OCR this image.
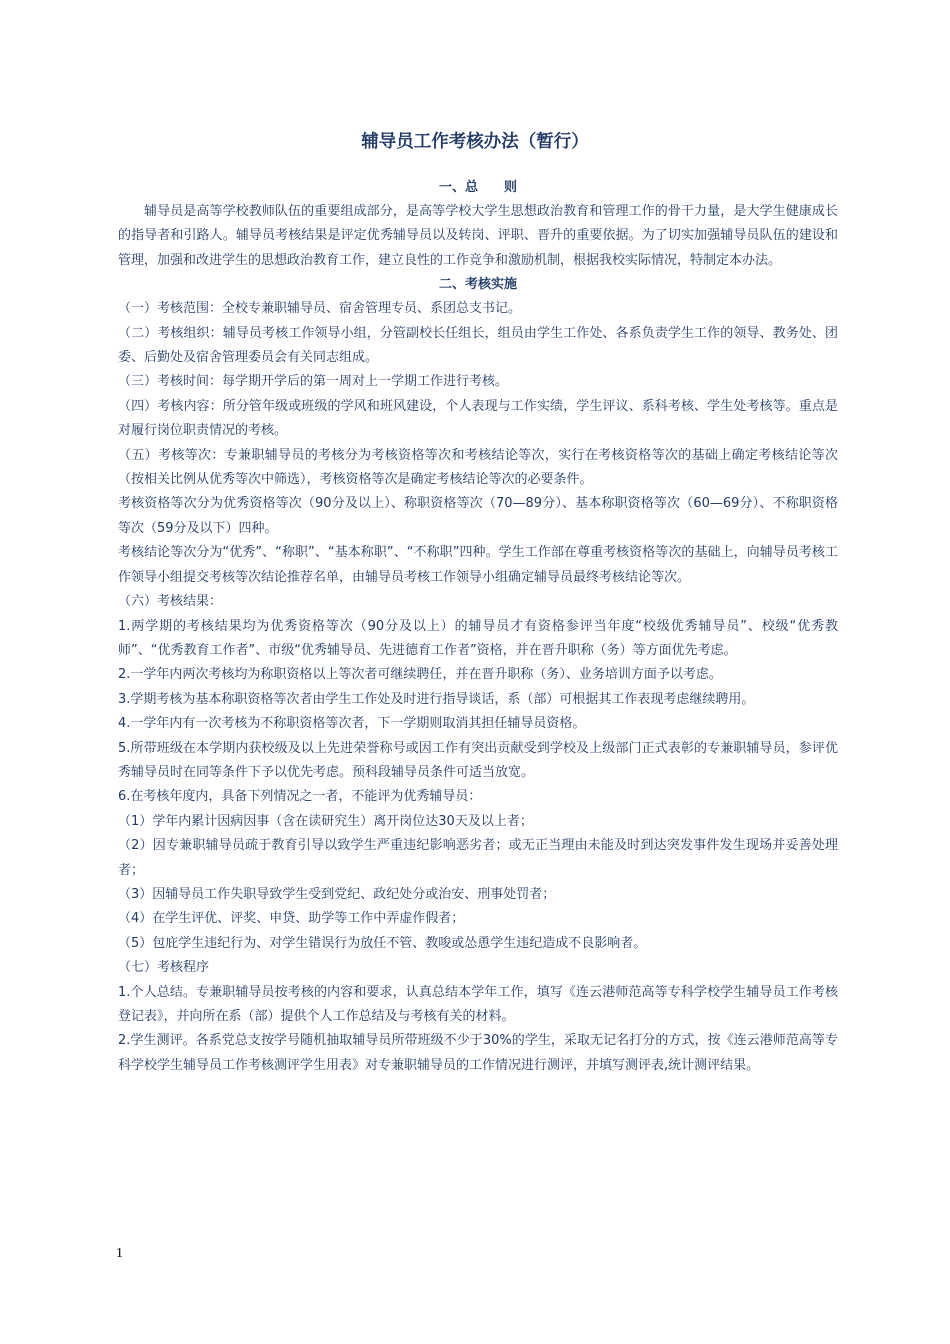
辅导员工作考核办法（暂行）
一、总　　则

辅导员是高等学校教师队伍的重要组成部分，是高等学校大学生思想政治教育和管理工作的骨干力量，是大学生健康成长的指导者和引路人。辅导员考核结果是评定优秀辅导员以及转岗、评职、晋升的重要依据。为了切实加强辅导员队伍的建设和管理，加强和改进学生的思想政治教育工作，建立良性的工作竞争和激励机制，根据我校实际情况，特制定本办法。

二、考核实施

（一）考核范围：全校专兼职辅导员、宿舍管理专员、系团总支书记。

（二）考核组织：辅导员考核工作领导小组，分管副校长任组长，组员由学生工作处、各系负责学生工作的领导、教务处、团委、后勤处及宿舍管理委员会有关同志组成。

（三）考核时间：每学期开学后的第一周对上一学期工作进行考核。

（四）考核内容：所分管年级或班级的学风和班风建设，个人表现与工作实绩，学生评议、系科考核、学生处考核等。重点是对履行岗位职责情况的考核。

（五）考核等次：专兼职辅导员的考核分为考核资格等次和考核结论等次，实行在考核资格等次的基础上确定考核结论等次（按相关比例从优秀等次中筛选），考核资格等次是确定考核结论等次的必要条件。

考核资格等次分为优秀资格等次（90分及以上）、称职资格等次（70—89分）、基本称职资格等次（60—69分）、不称职资格等次（59分及以下）四种。

考核结论等次分为“优秀”、“称职”、“基本称职”、“不称职”四种。学生工作部在尊重考核资格等次的基础上，向辅导员考核工作领导小组提交考核等次结论推荐名单，由辅导员考核工作领导小组确定辅导员最终考核结论等次。

（六）考核结果：

1.两学期的考核结果均为优秀资格等次（90分及以上）的辅导员才有资格参评当年度“校级优秀辅导员”、校级“优秀教师”、“优秀教育工作者”、市级“优秀辅导员、先进德育工作者”资格，并在晋升职称（务）等方面优先考虑。

2.一学年内两次考核均为称职资格以上等次者可继续聘任，并在晋升职称（务）、业务培训方面予以考虑。

3.学期考核为基本称职资格等次者由学生工作处及时进行指导谈话，系（部）可根据其工作表现考虑继续聘用。

4.一学年内有一次考核为不称职资格等次者，下一学期则取消其担任辅导员资格。

5.所带班级在本学期内获校级及以上先进荣誉称号或因工作有突出贡献受到学校及上级部门正式表彰的专兼职辅导员，参评优秀辅导员时在同等条件下予以优先考虑。预科段辅导员条件可适当放宽。

6.在考核年度内，具备下列情况之一者，不能评为优秀辅导员：

（1）学年内累计因病因事（含在读研究生）离开岗位达30天及以上者；

（2）因专兼职辅导员疏于教育引导以致学生严重违纪影响恶劣者；或无正当理由未能及时到达突发事件发生现场并妥善处理者；

（3）因辅导员工作失职导致学生受到党纪、政纪处分或治安、刑事处罚者；

（4）在学生评优、评奖、申贷、助学等工作中弄虚作假者；

（5）包庇学生违纪行为、对学生错误行为放任不管、教唆或怂恿学生违纪造成不良影响者。

（七）考核程序

1.个人总结。专兼职辅导员按考核的内容和要求，认真总结本学年工作，填写《连云港师范高等专科学校学生辅导员工作考核登记表》，并向所在系（部）提供个人工作总结及与考核有关的材料。

2.学生测评。各系党总支按学号随机抽取辅导员所带班级不少于30%的学生，采取无记名打分的方式，按《连云港师范高等专科学校学生辅导员工作考核测评学生用表》对专兼职辅导员的工作情况进行测评，并填写测评表,统计测评结果。

1
